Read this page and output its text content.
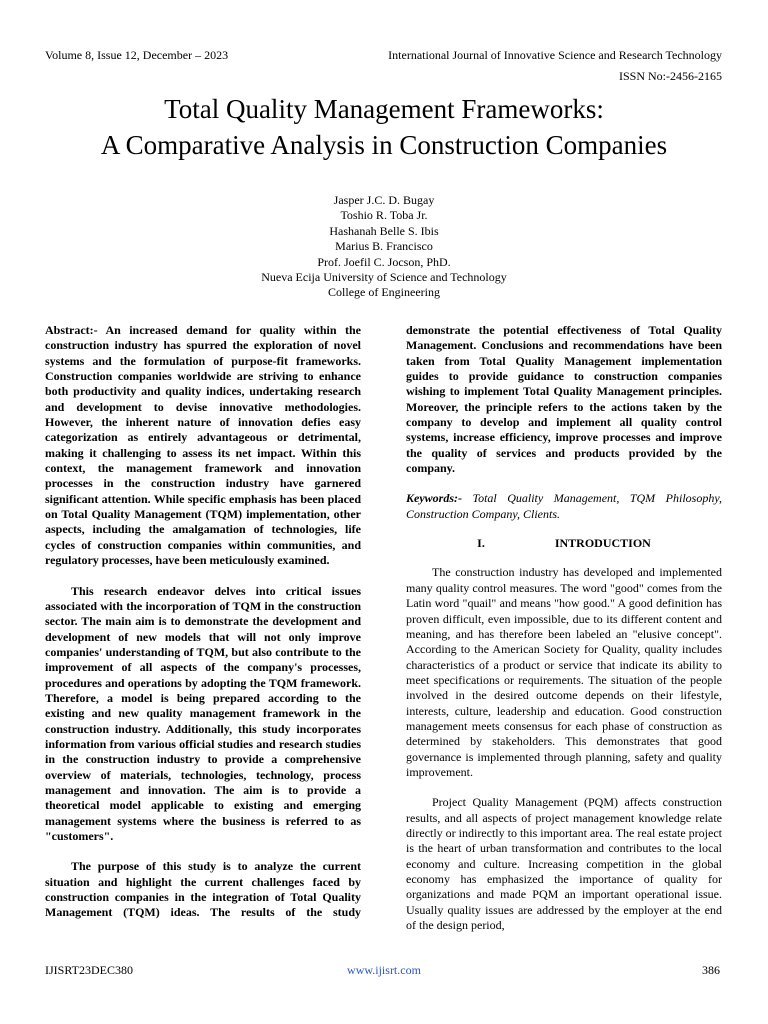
Volume 8, Issue 12, December – 2023	International Journal of Innovative Science and Research Technology
ISSN No:-2456-2165
Total Quality Management Frameworks:
A Comparative Analysis in Construction Companies
Jasper J.C. D. Bugay
Toshio R. Toba Jr.
Hashanah Belle S. Ibis
Marius B. Francisco
Prof. Joefil C. Jocson, PhD.
Nueva Ecija University of Science and Technology
College of Engineering

Abstract:- An increased demand for quality within the construction industry has spurred the exploration of novel systems and the formulation of purpose-fit frameworks. Construction companies worldwide are striving to enhance both productivity and quality indices, undertaking research and development to devise innovative methodologies. However, the inherent nature of innovation defies easy categorization as entirely advantageous or detrimental, making it challenging to assess its net impact. Within this context, the management framework and innovation processes in the construction industry have garnered significant attention. While specific emphasis has been placed on Total Quality Management (TQM) implementation, other aspects, including the amalgamation of technologies, life cycles of construction companies within communities, and regulatory processes, have been meticulously examined.

This research endeavor delves into critical issues associated with the incorporation of TQM in the construction sector. The main aim is to demonstrate the development and development of new models that will not only improve companies' understanding of TQM, but also contribute to the improvement of all aspects of the company's processes, procedures and operations by adopting the TQM framework. Therefore, a model is being prepared according to the existing and new quality management framework in the construction industry. Additionally, this study incorporates information from various official studies and research studies in the construction industry to provide a comprehensive overview of materials, technologies, technology, process management and innovation. The aim is to provide a theoretical model applicable to existing and emerging management systems where the business is referred to as "customers".

The purpose of this study is to analyze the current situation and highlight the current challenges faced by construction companies in the integration of Total Quality Management (TQM) ideas. The results of the study

demonstrate the potential effectiveness of Total Quality Management. Conclusions and recommendations have been taken from Total Quality Management implementation guides to provide guidance to construction companies wishing to implement Total Quality Management principles. Moreover, the principle refers to the actions taken by the company to develop and implement all quality control systems, increase efficiency, improve processes and improve the quality of services and products provided by the company.

Keywords:- Total Quality Management, TQM Philosophy, Construction Company, Clients.

I.	INTRODUCTION

The construction industry has developed and implemented many quality control measures. The word "good" comes from the Latin word "quail" and means "how good." A good definition has proven difficult, even impossible, due to its different content and meaning, and has therefore been labeled an "elusive concept". According to the American Society for Quality, quality includes characteristics of a product or service that indicate its ability to meet specifications or requirements. The situation of the people involved in the desired outcome depends on their lifestyle, interests, culture, leadership and education. Good construction management meets consensus for each phase of construction as determined by stakeholders. This demonstrates that good governance is implemented through planning, safety and quality improvement.

Project Quality Management (PQM) affects construction results, and all aspects of project management knowledge relate directly or indirectly to this important area. The real estate project is the heart of urban transformation and contributes to the local economy and culture. Increasing competition in the global economy has emphasized the importance of quality for organizations and made PQM an important operational issue. Usually quality issues are addressed by the employer at the end of the design period,

IJISRT23DEC380	www.ijisrt.com	386
